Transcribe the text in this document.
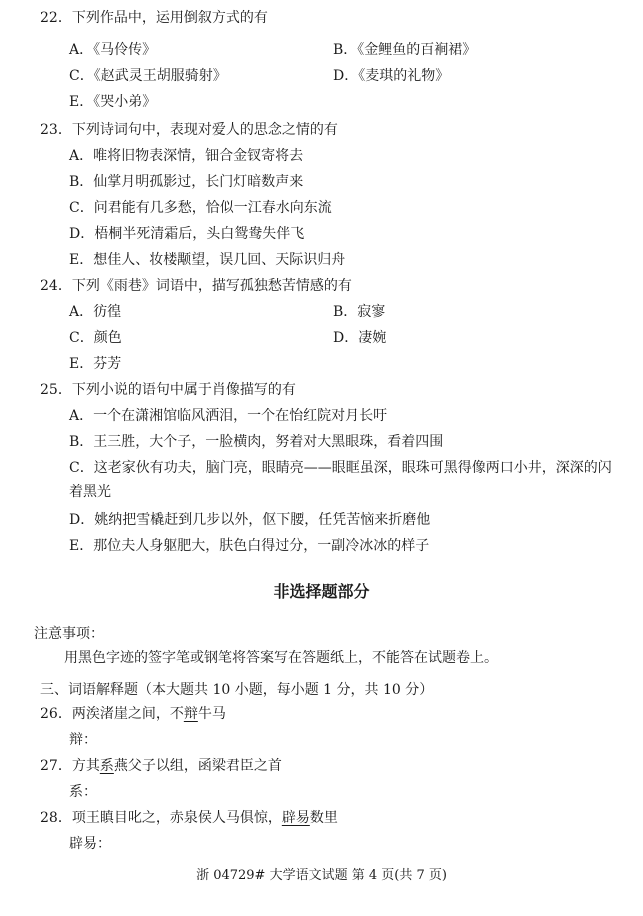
22．下列作品中，运用倒叙方式的有
A．《马伶传》	B．《金鲤鱼的百裥裙》
C．《赵武灵王胡服骑射》	D．《麦琪的礼物》
E．《哭小弟》
23．下列诗词句中，表现对爱人的思念之情的有
A．唯将旧物表深情，钿合金钗寄将去
B．仙掌月明孤影过，长门灯暗数声来
C．问君能有几多愁，恰似一江春水向东流
D．梧桐半死清霜后，头白鸳鸯失伴飞
E．想佳人、妆楼颙望，误几回、天际识归舟
24．下列《雨巷》词语中，描写孤独愁苦情感的有
A．彷徨	B．寂寥
C．颜色	D．凄婉
E．芬芳
25．下列小说的语句中属于肖像描写的有
A．一个在潇湘馆临风洒泪，一个在怡红院对月长吁
B．王三胜，大个子，一脸横肉，努着对大黑眼珠，看着四围
C．这老家伙有功夫，脑门亮，眼睛亮——眼眶虽深，眼珠可黑得像两口小井，深深的闪着黑光
D．姚纳把雪橇赶到几步以外，伛下腰，任凭苦恼来折磨他
E．那位夫人身躯肥大，肤色白得过分，一副冷冰冰的样子
非选择题部分
注意事项：
用黑色字迹的签字笔或钢笔将答案写在答题纸上，不能答在试题卷上。
三、词语解释题（本大题共 10 小题，每小题 1 分，共 10 分）
26．两涘渚崖之间，不辩牛马
辩：
27．方其系燕父子以组，函梁君臣之首
系：
28．项王瞋目叱之，赤泉侯人马俱惊，辟易数里
辟易：
浙 04729# 大学语文试题 第 4 页(共 7 页)
